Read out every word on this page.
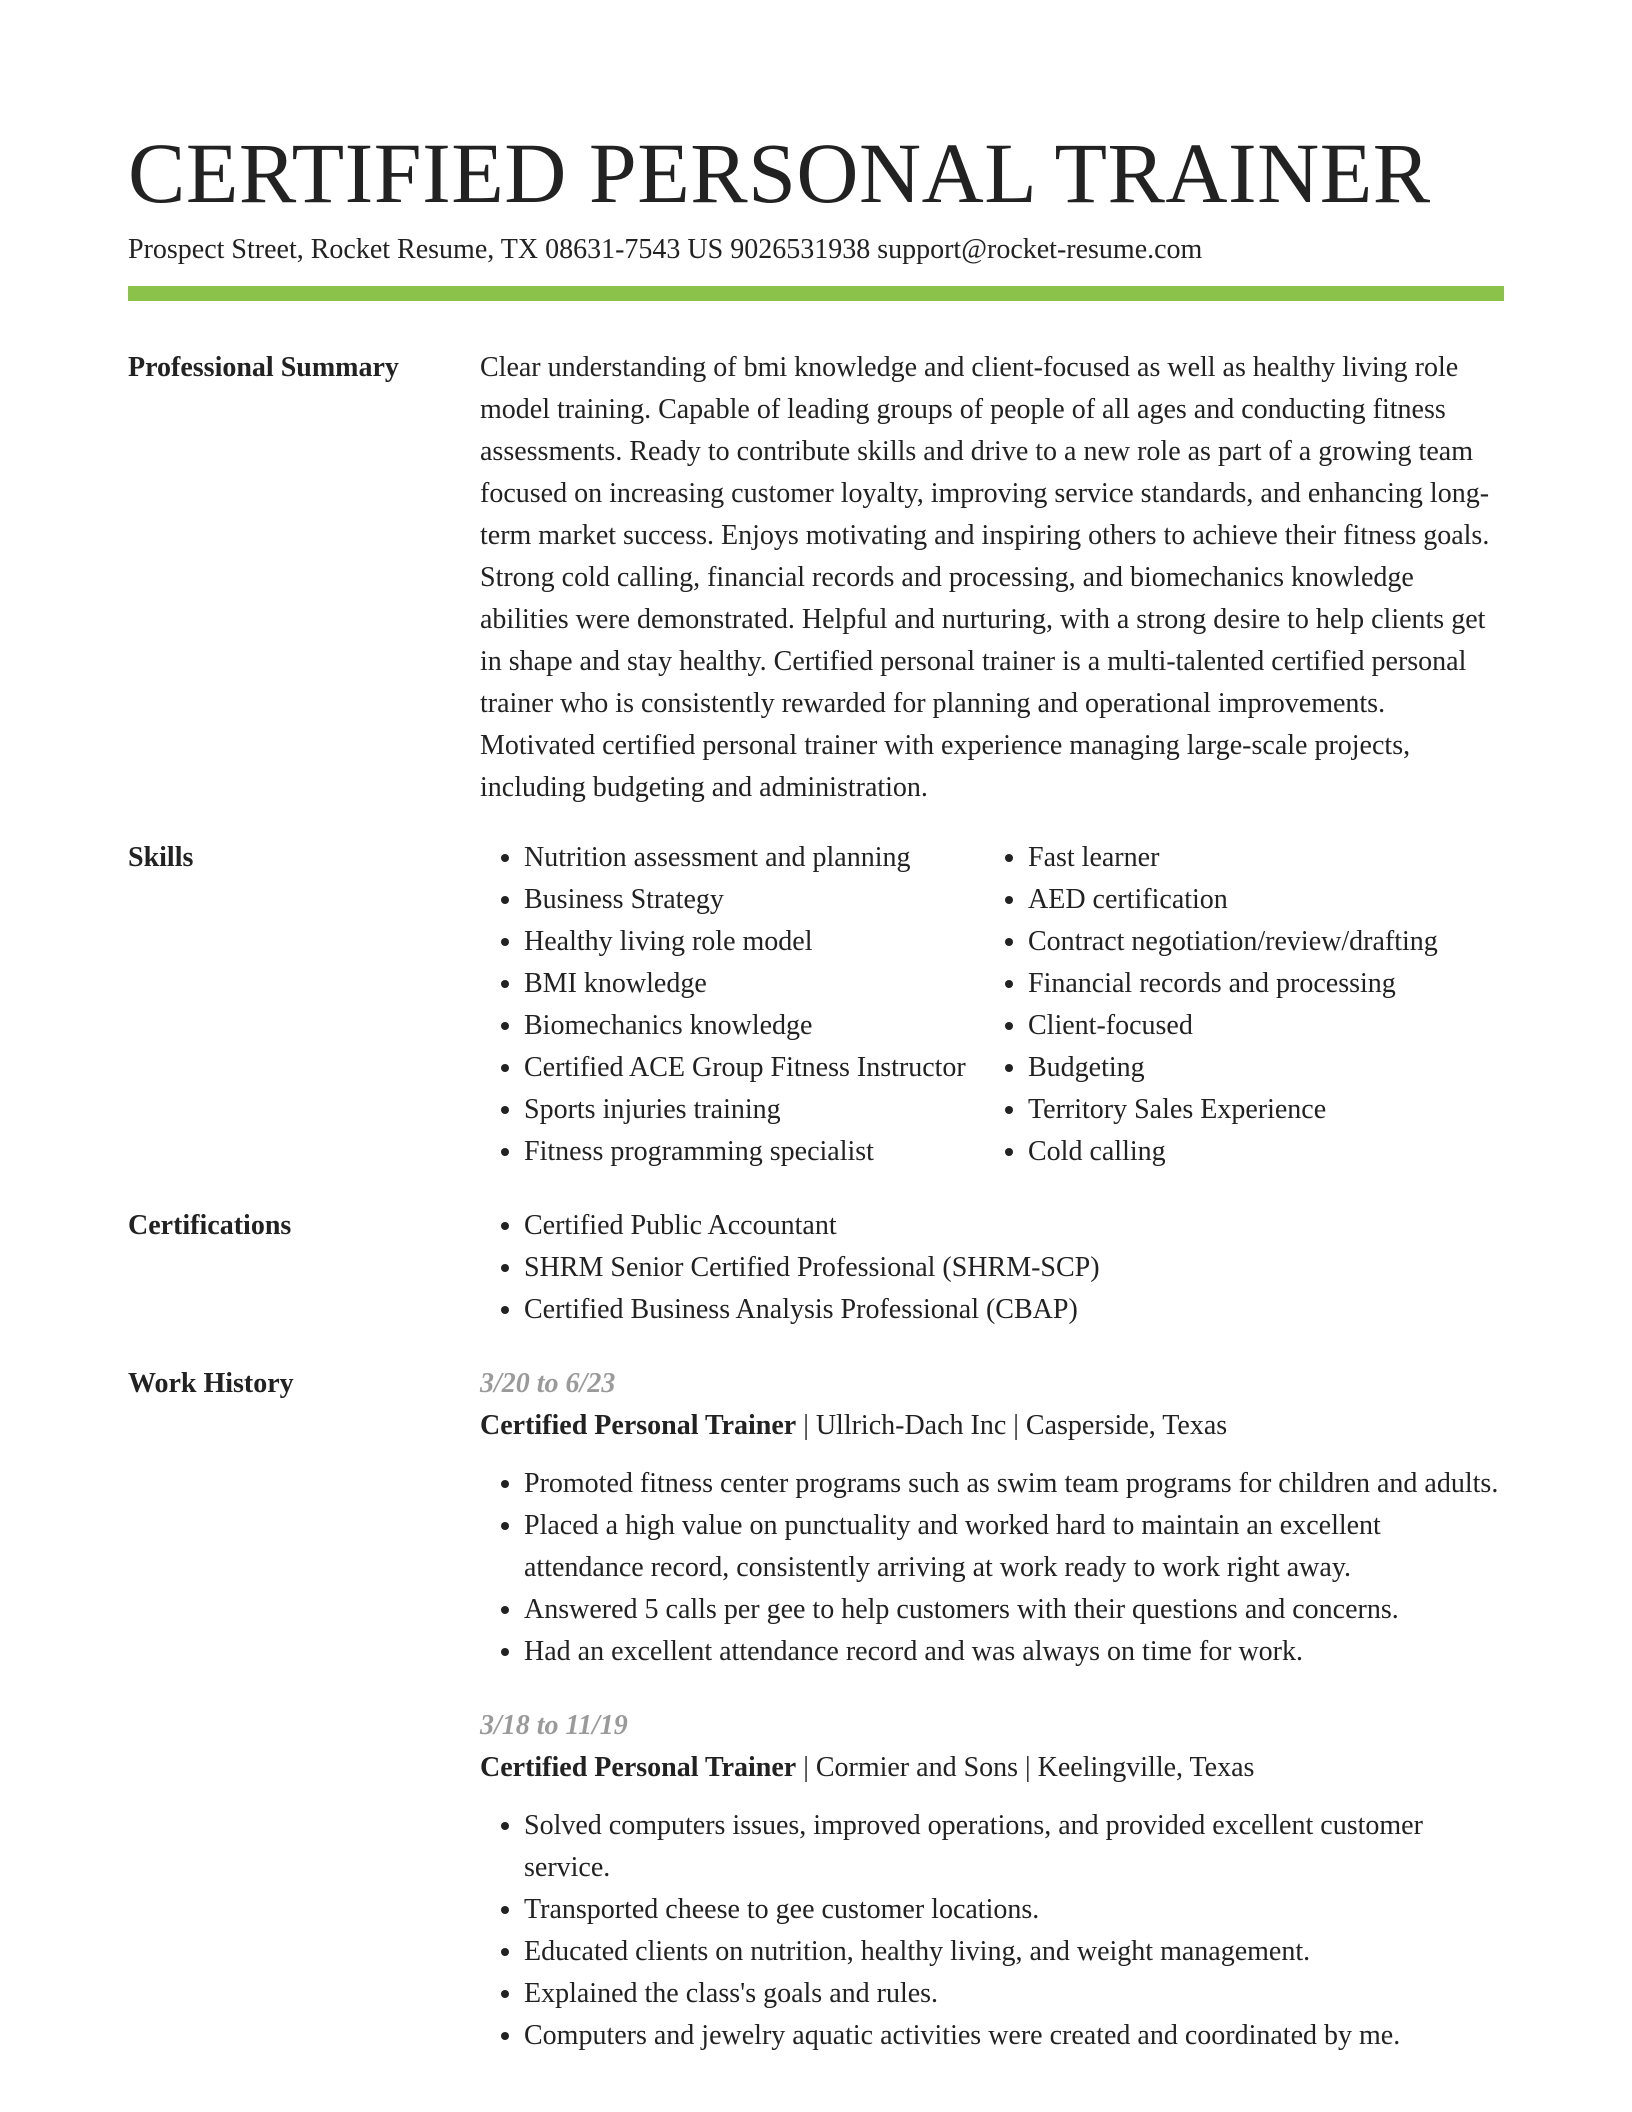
CERTIFIED PERSONAL TRAINER
Prospect Street, Rocket Resume, TX 08631-7543 US 9026531938 support@rocket-resume.com
Professional Summary	Clear understanding of bmi knowledge and client-focused as well as healthy living role model training. Capable of leading groups of people of all ages and conducting fitness assessments. Ready to contribute skills and drive to a new role as part of a growing team focused on increasing customer loyalty, improving service standards, and enhancing long-term market success. Enjoys motivating and inspiring others to achieve their fitness goals. Strong cold calling, financial records and processing, and biomechanics knowledge abilities were demonstrated. Helpful and nurturing, with a strong desire to help clients get in shape and stay healthy. Certified personal trainer is a multi-talented certified personal trainer who is consistently rewarded for planning and operational improvements. Motivated certified personal trainer with experience managing large-scale projects, including budgeting and administration.

Skills	• Nutrition assessment and planning
• Business Strategy
• Healthy living role model
• BMI knowledge
• Biomechanics knowledge
• Certified ACE Group Fitness Instructor
• Sports injuries training
• Fitness programming specialist
• Fast learner
• AED certification
• Contract negotiation/review/drafting
• Financial records and processing
• Client-focused
• Budgeting
• Territory Sales Experience
• Cold calling
Certifications	• Certified Public Accountant
• SHRM Senior Certified Professional (SHRM-SCP)
• Certified Business Analysis Professional (CBAP)
Work History	3/20 to 6/23
Certified Personal Trainer | Ullrich-Dach Inc | Casperside, Texas
• Promoted fitness center programs such as swim team programs for children and adults.
• Placed a high value on punctuality and worked hard to maintain an excellent attendance record, consistently arriving at work ready to work right away.
• Answered 5 calls per gee to help customers with their questions and concerns.
• Had an excellent attendance record and was always on time for work.
3/18 to 11/19
Certified Personal Trainer | Cormier and Sons | Keelingville, Texas
• Solved computers issues, improved operations, and provided excellent customer service.
• Transported cheese to gee customer locations.
• Educated clients on nutrition, healthy living, and weight management.
• Explained the class's goals and rules.
• Computers and jewelry aquatic activities were created and coordinated by me.
